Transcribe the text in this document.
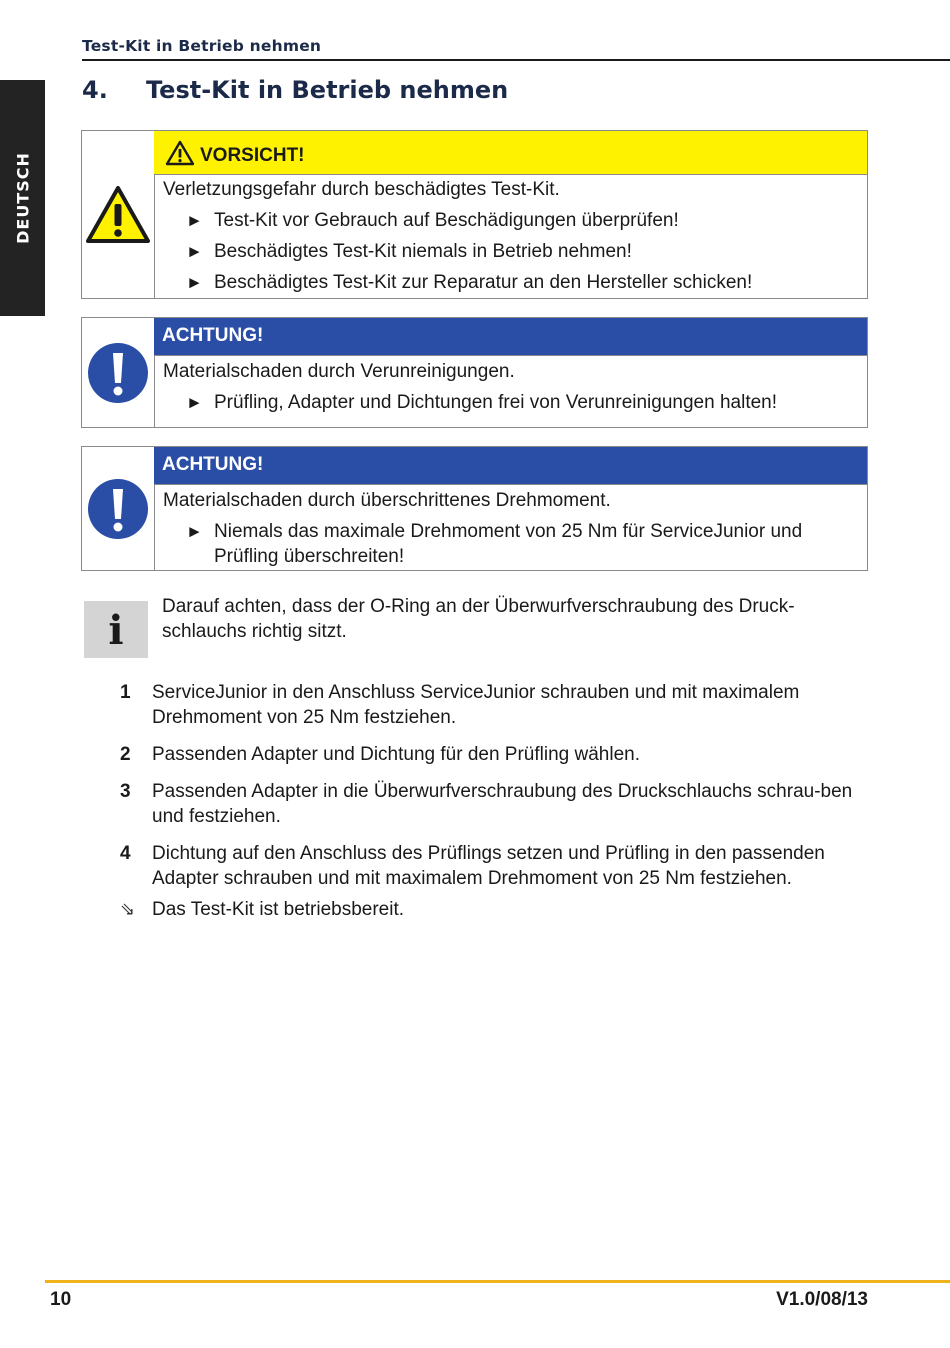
Test-Kit in Betrieb nehmen
DEUTSCH
4. Test-Kit in Betrieb nehmen
VORSICHT!

Verletzungsgefahr durch beschädigtes Test-Kit.

► Test-Kit vor Gebrauch auf Beschädigungen überprüfen!
► Beschädigtes Test-Kit niemals in Betrieb nehmen!
► Beschädigtes Test-Kit zur Reparatur an den Hersteller schicken!
ACHTUNG!

Materialschaden durch Verunreinigungen.

► Prüfling, Adapter und Dichtungen frei von Verunreinigungen halten!
ACHTUNG!

Materialschaden durch überschrittenes Drehmoment.

► Niemals das maximale Drehmoment von 25 Nm für ServiceJunior und Prüfling überschreiten!
i
Darauf achten, dass der O-Ring an der Überwurfverschraubung des Druck-schlauchs richtig sitzt.
1 ServiceJunior in den Anschluss ServiceJunior schrauben und mit maximalem Drehmoment von 25 Nm festziehen.
2 Passenden Adapter und Dichtung für den Prüfling wählen.
3 Passenden Adapter in die Überwurfverschraubung des Druckschlauchs schrau-ben und festziehen.
4 Dichtung auf den Anschluss des Prüflings setzen und Prüfling in den passenden Adapter schrauben und mit maximalem Drehmoment von 25 Nm festziehen.
⇘ Das Test-Kit ist betriebsbereit.
10	V1.0/08/13
